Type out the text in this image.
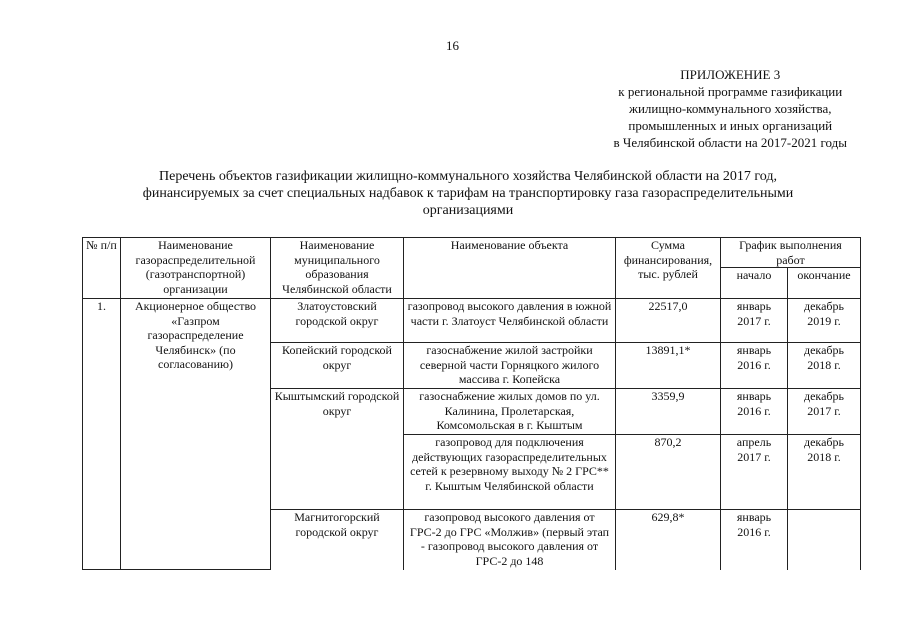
16
ПРИЛОЖЕНИЕ 3
к региональной программе газификации
жилищно-коммунального хозяйства,
промышленных и иных организаций
в Челябинской области на 2017-2021 годы
Перечень объектов газификации жилищно-коммунального хозяйства Челябинской области на 2017 год,
финансируемых за счет специальных надбавок к тарифам на транспортировку газа газораспределительными
организациями
№ п/п	Наименование газораспределительной (газотранспортной) организации	Наименование муниципального образования Челябинской области	Наименование объекта	Сумма финансирования, тыс. рублей	График выполнения работ	
					начало	окончание
1.	Акционерное общество «Газпром газораспределение Челябинск» (по согласованию)	Златоустовский городской округ	газопровод высокого давления в южной части г. Златоуст Челябинской области	22517,0	январь 2017 г.	декабрь 2019 г.
		Копейский городской округ	газоснабжение жилой застройки северной части Горняцкого жилого массива г. Копейска	13891,1*	январь 2016 г.	декабрь 2018 г.
		Кыштымский городской округ	газоснабжение жилых домов по ул. Калинина, Пролетарская, Комсомольская в г. Кыштым	3359,9	январь 2016 г.	декабрь 2017 г.
			газопровод для подключения действующих газораспределительных сетей к резервному выходу № 2 ГРС** г. Кыштым Челябинской области	870,2	апрель 2017 г.	декабрь 2018 г.
		Магнитогорский городской округ	газопровод высокого давления от ГРС-2 до ГРС «Молжив» (первый этап - газопровод высокого давления от ГРС-2 до 148	629,8*	январь 2016 г.	
